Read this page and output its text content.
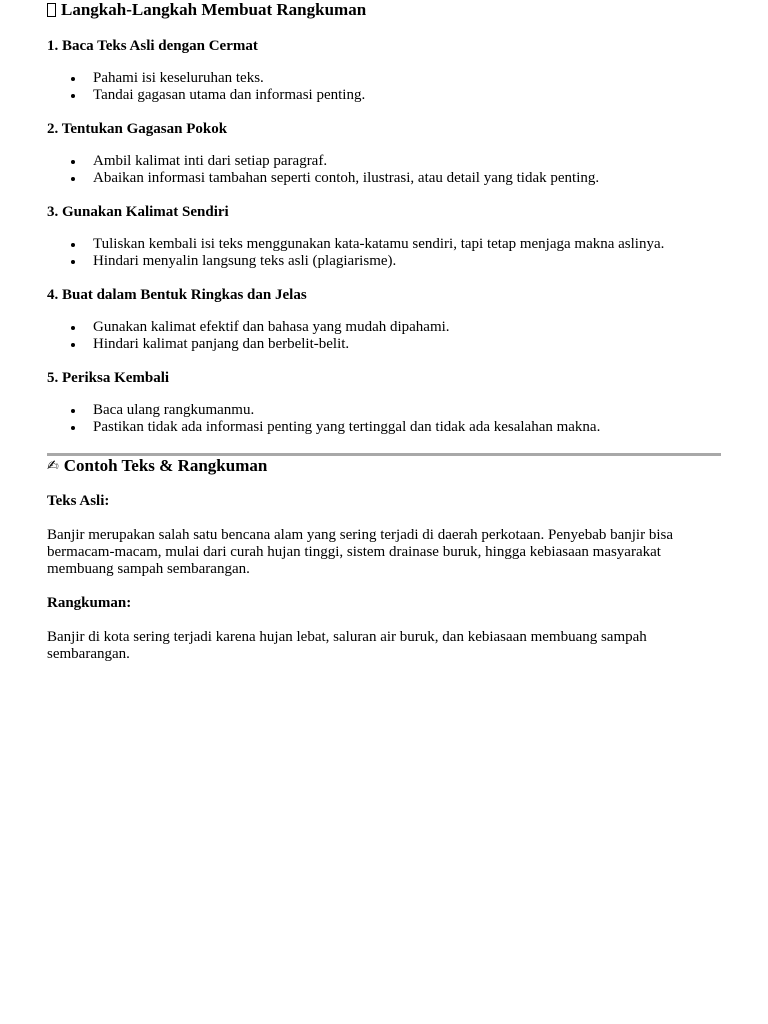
Langkah-Langkah Membuat Rangkuman
1. Baca Teks Asli dengan Cermat
Pahami isi keseluruhan teks.
Tandai gagasan utama dan informasi penting.
2. Tentukan Gagasan Pokok
Ambil kalimat inti dari setiap paragraf.
Abaikan informasi tambahan seperti contoh, ilustrasi, atau detail yang tidak penting.
3. Gunakan Kalimat Sendiri
Tuliskan kembali isi teks menggunakan kata-katamu sendiri, tapi tetap menjaga makna aslinya.
Hindari menyalin langsung teks asli (plagiarisme).
4. Buat dalam Bentuk Ringkas dan Jelas
Gunakan kalimat efektif dan bahasa yang mudah dipahami.
Hindari kalimat panjang dan berbelit-belit.
5. Periksa Kembali
Baca ulang rangkumanmu.
Pastikan tidak ada informasi penting yang tertinggal dan tidak ada kesalahan makna.
✍ Contoh Teks & Rangkuman

Teks Asli:

Banjir merupakan salah satu bencana alam yang sering terjadi di daerah perkotaan. Penyebab banjir bisa bermacam-macam, mulai dari curah hujan tinggi, sistem drainase buruk, hingga kebiasaan masyarakat membuang sampah sembarangan.

Rangkuman:

Banjir di kota sering terjadi karena hujan lebat, saluran air buruk, dan kebiasaan membuang sampah sembarangan.
